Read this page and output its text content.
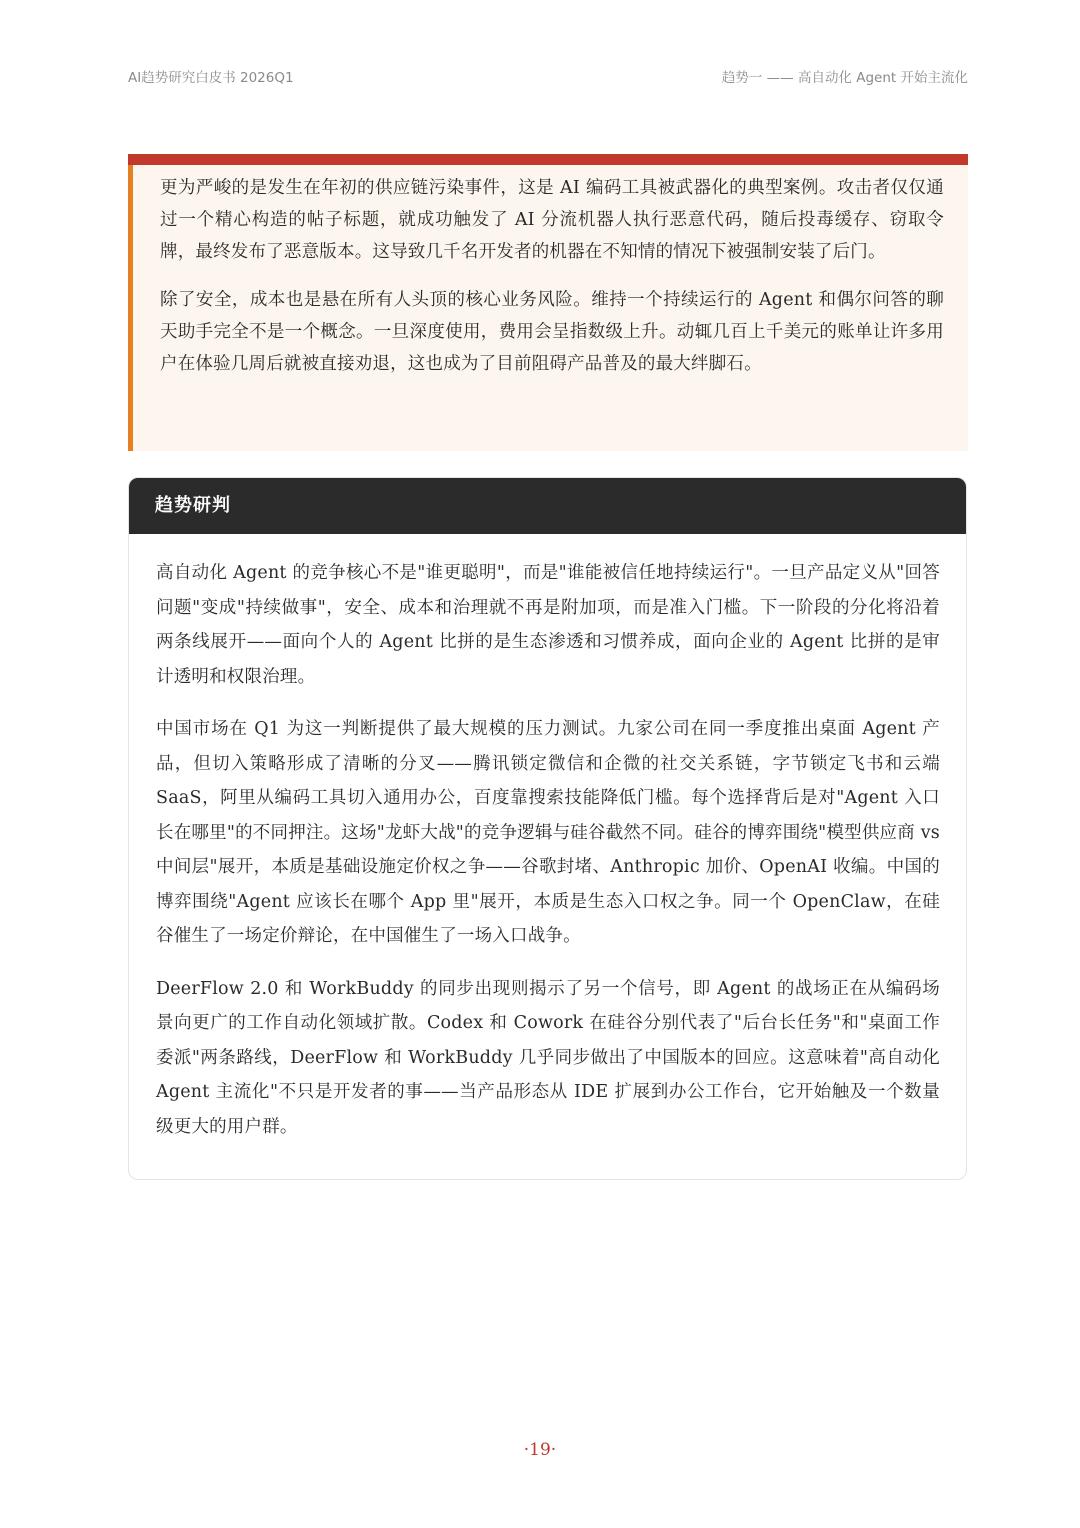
AI趋势研究白皮书 2026Q1	趋势一 —— 高自动化 Agent 开始主流化

更为严峻的是发生在年初的供应链污染事件，这是 AI 编码工具被武器化的典型案例。攻击者仅仅通过一个精心构造的帖子标题，就成功触发了 AI 分流机器人执行恶意代码，随后投毒缓存、窃取令牌，最终发布了恶意版本。这导致几千名开发者的机器在不知情的情况下被强制安装了后门。

除了安全，成本也是悬在所有人头顶的核心业务风险。维持一个持续运行的 Agent 和偶尔问答的聊天助手完全不是一个概念。一旦深度使用，费用会呈指数级上升。动辄几百上千美元的账单让许多用户在体验几周后就被直接劝退，这也成为了目前阻碍产品普及的最大绊脚石。

趋势研判

高自动化 Agent 的竞争核心不是"谁更聪明"，而是"谁能被信任地持续运行"。一旦产品定义从"回答问题"变成"持续做事"，安全、成本和治理就不再是附加项，而是准入门槛。下一阶段的分化将沿着两条线展开——面向个人的 Agent 比拼的是生态渗透和习惯养成，面向企业的 Agent 比拼的是审计透明和权限治理。

中国市场在 Q1 为这一判断提供了最大规模的压力测试。九家公司在同一季度推出桌面 Agent 产品，但切入策略形成了清晰的分叉——腾讯锁定微信和企微的社交关系链，字节锁定飞书和云端 SaaS，阿里从编码工具切入通用办公，百度靠搜索技能降低门槛。每个选择背后是对"Agent 入口长在哪里"的不同押注。这场"龙虾大战"的竞争逻辑与硅谷截然不同。硅谷的博弈围绕"模型供应商 vs 中间层"展开，本质是基础设施定价权之争——谷歌封堵、Anthropic 加价、OpenAI 收编。中国的博弈围绕"Agent 应该长在哪个 App 里"展开，本质是生态入口权之争。同一个 OpenClaw，在硅谷催生了一场定价辩论，在中国催生了一场入口战争。

DeerFlow 2.0 和 WorkBuddy 的同步出现则揭示了另一个信号，即 Agent 的战场正在从编码场景向更广的工作自动化领域扩散。Codex 和 Cowork 在硅谷分别代表了"后台长任务"和"桌面工作委派"两条路线，DeerFlow 和 WorkBuddy 几乎同步做出了中国版本的回应。这意味着"高自动化 Agent 主流化"不只是开发者的事——当产品形态从 IDE 扩展到办公工作台，它开始触及一个数量级更大的用户群。

·19·
